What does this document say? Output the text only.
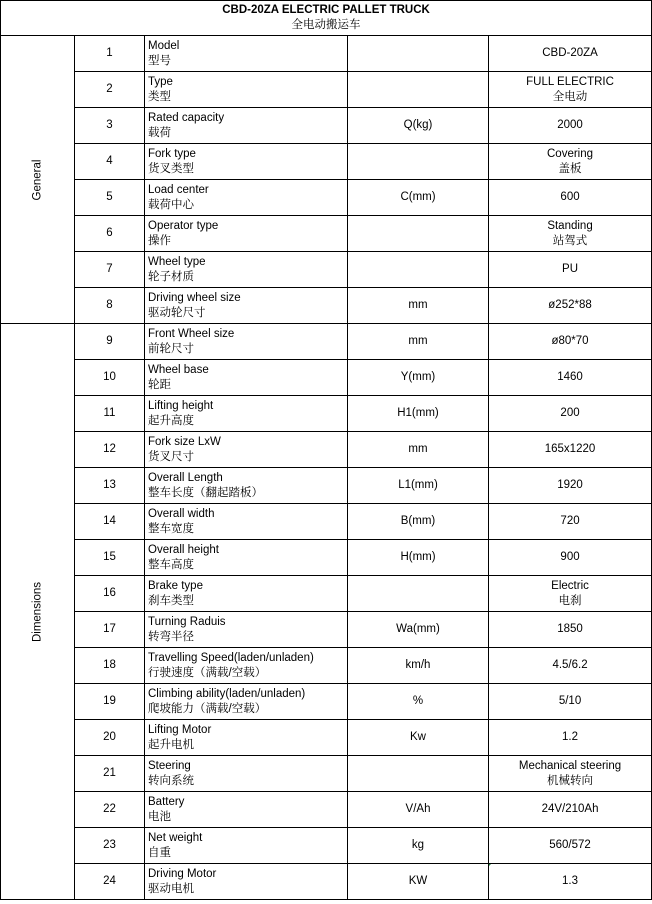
CBD-20ZA ELECTRIC PALLET TRUCK
全电动搬运车				

General	1	Model
型号		CBD-20ZA

	2	Type
类型		FULL ELECTRIC
全电动

	3	Rated capacity
载荷	Q(kg)	2000

	4	Fork type
货叉类型		Covering
盖板

	5	Load center
载荷中心	C(mm)	600

	6	Operator type
操作		Standing
站驾式

	7	Wheel type
轮子材质		PU

	8	Driving wheel size
驱动轮尺寸	mm	ø252*88

Dimensions	9	Front Wheel size
前轮尺寸	mm	ø80*70

	10	Wheel base
轮距	Y(mm)	1460

	11	Lifting height
起升高度	H1(mm)	200

	12	Fork size LxW
货叉尺寸	mm	165x1220

	13	Overall Length
整车长度（翻起踏板）	L1(mm)	1920

	14	Overall width
整车宽度	B(mm)	720

	15	Overall height
整车高度	H(mm)	900

	16	Brake type
刹车类型		Electric
电刹

	17	Turning Raduis
转弯半径	Wa(mm)	1850

	18	Travelling Speed(laden/unladen)
行驶速度（满载/空载）	km/h	4.5/6.2

	19	Climbing ability(laden/unladen)
爬坡能力（满载/空载）	%	5/10

	20	Lifting Motor
起升电机	Kw	1.2

	21	Steering
转向系统		Mechanical steering
机械转向

	22	Battery
电池	V/Ah	24V/210Ah

	23	Net weight
自重	kg	560/572

	24	Driving Motor
驱动电机	KW	1.3
